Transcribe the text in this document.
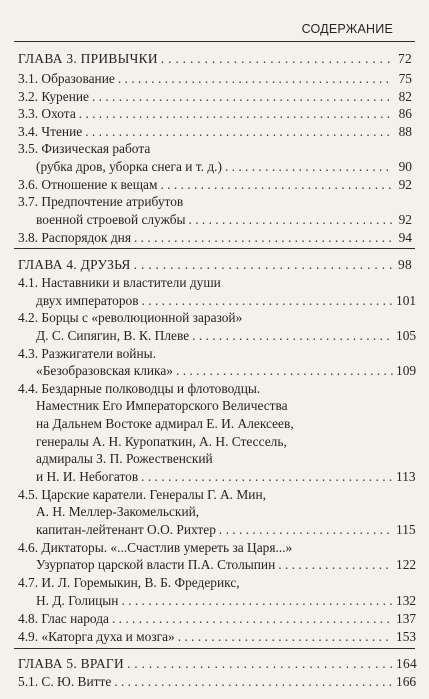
СОДЕРЖАНИЕ
ГЛАВА 3. ПРИВЫЧКИ . . .	72
3.1. Образование . . .	75
3.2. Курение . . .	82
3.3. Охота . . .	86
3.4. Чтение . . .	88
3.5. Физическая работа
(рубка дров, уборка снега и т. д.) . . .	90
3.6. Отношение к вещам . . .	92
3.7. Предпочтение атрибутов
военной строевой службы . . .	92
3.8. Распорядок дня . . .	94
ГЛАВА 4. ДРУЗЬЯ . . .	98
4.1. Наставники и властители души
двух императоров . . .	101
4.2. Борцы с «революционной заразой»
Д. С. Сипягин, В. К. Плеве . . .	105
4.3. Разжигатели войны.
«Безобразовская клика» . . .	109
4.4. Бездарные полководцы и флотоводцы.
Наместник Его Императорского Величества
на Дальнем Востоке адмирал Е. И. Алексеев,
генералы А. Н. Куропаткин, А. Н. Стессель,
адмиралы З. П. Рожественский
и Н. И. Небогатов . . .	113
4.5. Царские каратели. Генералы Г. А. Мин,
А. Н. Меллер-Закомельский,
капитан-лейтенант О.О. Рихтер . . .	115
4.6. Диктаторы. «...Счастлив умереть за Царя...»
Узурпатор царской власти П.А. Столыпин . . .	122
4.7. И. Л. Горемыкин, В. Б. Фредерикс,
Н. Д. Голицын . . .	132
4.8. Глас народа . . .	137
4.9. «Каторга духа и мозга» . . .	153
ГЛАВА 5. ВРАГИ . . .	164
5.1. С. Ю. Витте . . .	166
